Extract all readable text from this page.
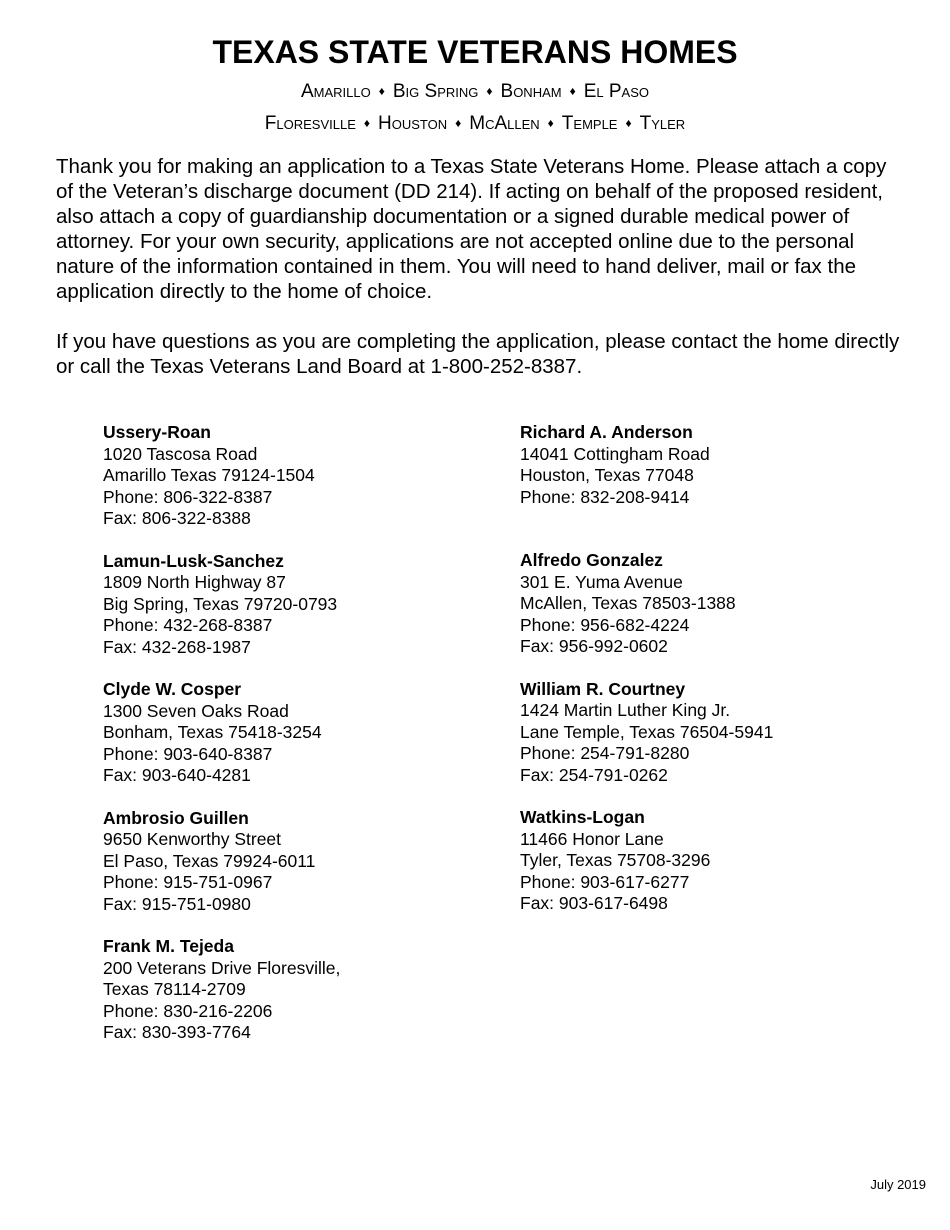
TEXAS STATE VETERANS HOMES
Amarillo ♦ Big Spring ♦ Bonham ♦ El Paso
Floresville ♦ Houston ♦ McAllen ♦ Temple ♦ Tyler

Thank you for making an application to a Texas State Veterans Home. Please attach a copy of the Veteran’s discharge document (DD 214). If acting on behalf of the proposed resident, also attach a copy of guardianship documentation or a signed durable medical power of attorney. For your own security, applications are not accepted online due to the personal nature of the information contained in them. You will need to hand deliver, mail or fax the application directly to the home of choice.

If you have questions as you are completing the application, please contact the home directly or call the Texas Veterans Land Board at 1-800-252-8387.

Ussery-Roan
1020 Tascosa Road
Amarillo Texas 79124-1504
Phone: 806-322-8387
Fax: 806-322-8388
Lamun-Lusk-Sanchez
1809 North Highway 87
Big Spring, Texas 79720-0793
Phone: 432-268-8387
Fax: 432-268-1987
Clyde W. Cosper
1300 Seven Oaks Road
Bonham, Texas 75418-3254
Phone: 903-640-8387
Fax: 903-640-4281
Ambrosio Guillen
9650 Kenworthy Street
El Paso, Texas 79924-6011
Phone: 915-751-0967
Fax: 915-751-0980
Frank M. Tejeda
200 Veterans Drive Floresville,
Texas 78114-2709
Phone: 830-216-2206
Fax: 830-393-7764
Richard A. Anderson
14041 Cottingham Road
Houston, Texas 77048
Phone: 832-208-9414
Alfredo Gonzalez
301 E. Yuma Avenue
McAllen, Texas 78503-1388
Phone: 956-682-4224
Fax: 956-992-0602
William R. Courtney
1424 Martin Luther King Jr.
Lane Temple, Texas 76504-5941
Phone: 254-791-8280
Fax: 254-791-0262
Watkins-Logan
11466 Honor Lane
Tyler, Texas 75708-3296
Phone: 903-617-6277
Fax: 903-617-6498
July 2019
